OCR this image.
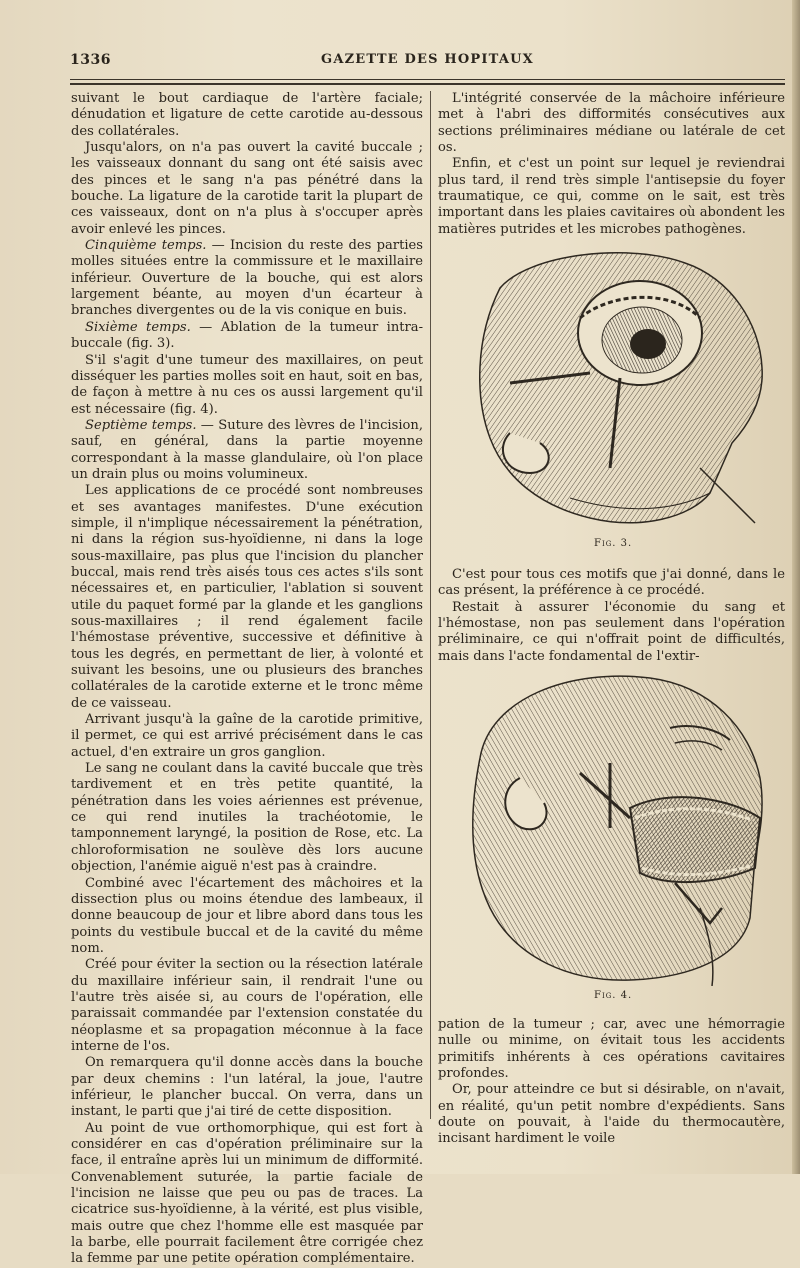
1336	GAZETTE DES HOPITAUX

suivant le bout cardiaque de l'artère faciale; dénudation et ligature de cette carotide au-dessous des collatérales.

Jusqu'alors, on n'a pas ouvert la cavité buccale ; les vaisseaux donnant du sang ont été saisis avec des pinces et le sang n'a pas pénétré dans la bouche. La ligature de la carotide tarit la plupart de ces vaisseaux, dont on n'a plus à s'occuper après avoir enlevé les pinces.

Cinquième temps. — Incision du reste des parties molles situées entre la commissure et le maxillaire inférieur. Ouverture de la bouche, qui est alors largement béante, au moyen d'un écarteur à branches divergentes ou de la vis conique en buis.

Sixième temps. — Ablation de la tumeur intra-buccale (fig. 3).

S'il s'agit d'une tumeur des maxillaires, on peut disséquer les parties molles soit en haut, soit en bas, de façon à mettre à nu ces os aussi largement qu'il est nécessaire (fig. 4).

Septième temps. — Suture des lèvres de l'incision, sauf, en général, dans la partie moyenne correspondant à la masse glandulaire, où l'on place un drain plus ou moins volumineux.

Les applications de ce procédé sont nombreuses et ses avantages manifestes. D'une exécution simple, il n'implique nécessairement la pénétration, ni dans la région sus-hyoïdienne, ni dans la loge sous-maxillaire, pas plus que l'incision du plancher buccal, mais rend très aisés tous ces actes s'ils sont nécessaires et, en particulier, l'ablation si souvent utile du paquet formé par la glande et les ganglions sous-maxillaires ; il rend également facile l'hémostase préventive, successive et définitive à tous les degrés, en permettant de lier, à volonté et suivant les besoins, une ou plusieurs des branches collatérales de la carotide externe et le tronc même de ce vaisseau.

Arrivant jusqu'à la gaîne de la carotide primitive, il permet, ce qui est arrivé précisément dans le cas actuel, d'en extraire un gros ganglion.

Le sang ne coulant dans la cavité buccale que très tardivement et en très petite quantité, la pénétration dans les voies aériennes est prévenue, ce qui rend inutiles la trachéotomie, le tamponnement laryngé, la position de Rose, etc. La chloroformisation ne soulève dès lors aucune objection, l'anémie aiguë n'est pas à craindre.

Combiné avec l'écartement des mâchoires et la dissection plus ou moins étendue des lambeaux, il donne beaucoup de jour et libre abord dans tous les points du vestibule buccal et de la cavité du même nom.

Créé pour éviter la section ou la résection latérale du maxillaire inférieur sain, il rendrait l'une ou l'autre très aisée si, au cours de l'opération, elle paraissait commandée par l'extension constatée du néoplasme et sa propagation méconnue à la face interne de l'os.

On remarquera qu'il donne accès dans la bouche par deux chemins : l'un latéral, la joue, l'autre inférieur, le plancher buccal. On verra, dans un instant, le parti que j'ai tiré de cette disposition.

Au point de vue orthomorphique, qui est fort à considérer en cas d'opération préliminaire sur la face, il entraîne après lui un minimum de difformité. Convenablement suturée, la partie faciale de l'incision ne laisse que peu ou pas de traces. La cicatrice sus-hyoïdienne, à la vérité, est plus visible, mais outre que chez l'homme elle est masquée par la barbe, elle pourrait facilement être corrigée chez la femme par une petite opération complémentaire.

L'intégrité conservée de la mâchoire inférieure met à l'abri des difformités consécutives aux sections préliminaires médiane ou latérale de cet os.

Enfin, et c'est un point sur lequel je reviendrai plus tard, il rend très simple l'antisepsie du foyer traumatique, ce qui, comme on le sait, est très important dans les plaies cavitaires où abondent les matières putrides et les microbes pathogènes.

Fig. 3.

C'est pour tous ces motifs que j'ai donné, dans le cas présent, la préférence à ce procédé.

Restait à assurer l'économie du sang et l'hémostase, non pas seulement dans l'opération préliminaire, ce qui n'offrait point de difficultés, mais dans l'acte fondamental de l'extir-

Fig. 4.

pation de la tumeur ; car, avec une hémorragie nulle ou minime, on évitait tous les accidents primitifs inhérents à ces opérations cavitaires profondes.

Or, pour atteindre ce but si désirable, on n'avait, en réalité, qu'un petit nombre d'expédients. Sans doute on pouvait, à l'aide du thermocautère, incisant hardiment le voile
